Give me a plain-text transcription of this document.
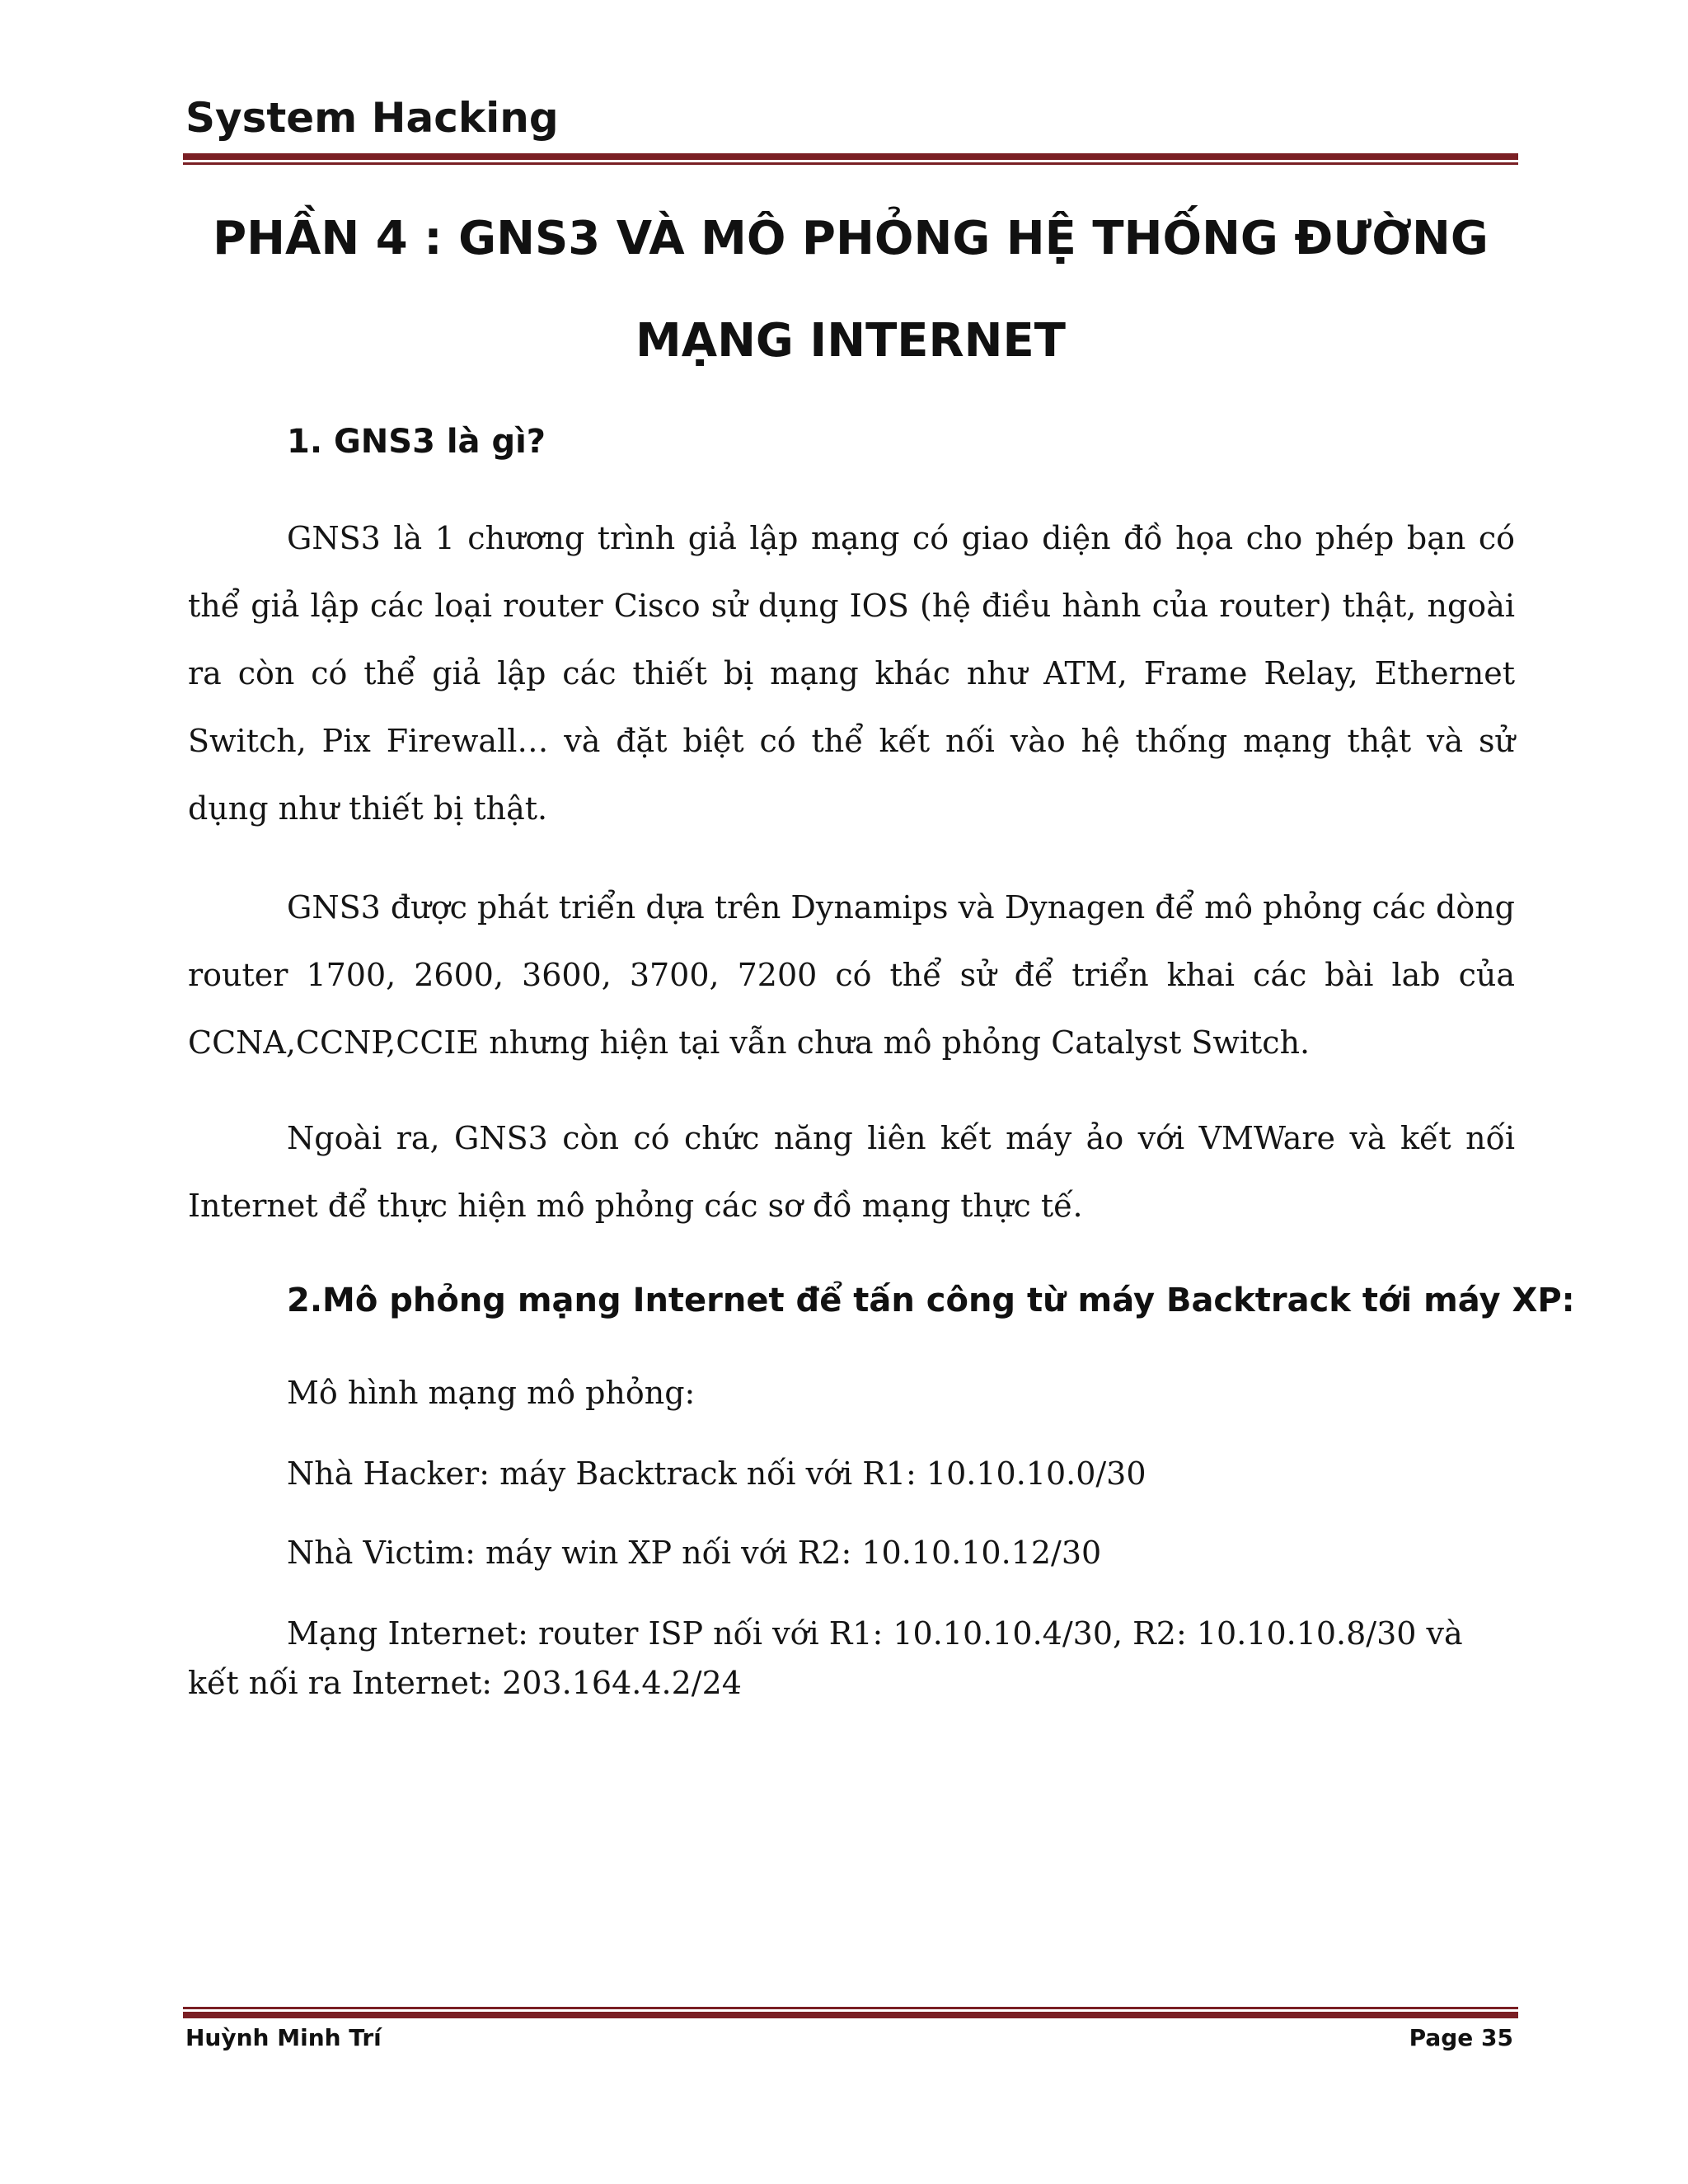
System Hacking
PHẦN 4 : GNS3 VÀ MÔ PHỎNG HỆ THỐNG ĐƯỜNG
MẠNG INTERNET
1. GNS3 là gì?

GNS3 là 1 chương trình giả lập mạng có giao diện đồ họa cho phép bạn có thể giả lập các loại router Cisco sử dụng IOS (hệ điều hành của router) thật, ngoài ra còn có thể giả lập các thiết bị mạng khác như ATM, Frame Relay, Ethernet Switch, Pix Firewall… và đặt biệt có thể kết nối vào hệ thống mạng thật và sử dụng như thiết bị thật.

GNS3 được phát triển dựa trên Dynamips và Dynagen để mô phỏng các dòng router 1700, 2600, 3600, 3700, 7200 có thể sử để triển khai các bài lab của CCNA,CCNP,CCIE nhưng hiện tại vẫn chưa mô phỏng Catalyst Switch.

Ngoài ra, GNS3 còn có chức năng liên kết máy ảo với VMWare và kết nối Internet để thực hiện mô phỏng các sơ đồ mạng thực tế.

2.Mô phỏng mạng Internet để tấn công từ máy Backtrack tới máy XP:

Mô hình mạng mô phỏng:

Nhà Hacker: máy Backtrack nối với R1: 10.10.10.0/30

Nhà Victim: máy win XP nối với R2: 10.10.10.12/30

Mạng Internet: router ISP nối với R1: 10.10.10.4/30, R2: 10.10.10.8/30 và kết nối ra Internet: 203.164.4.2/24

Huỳnh Minh Trí	Page 35
